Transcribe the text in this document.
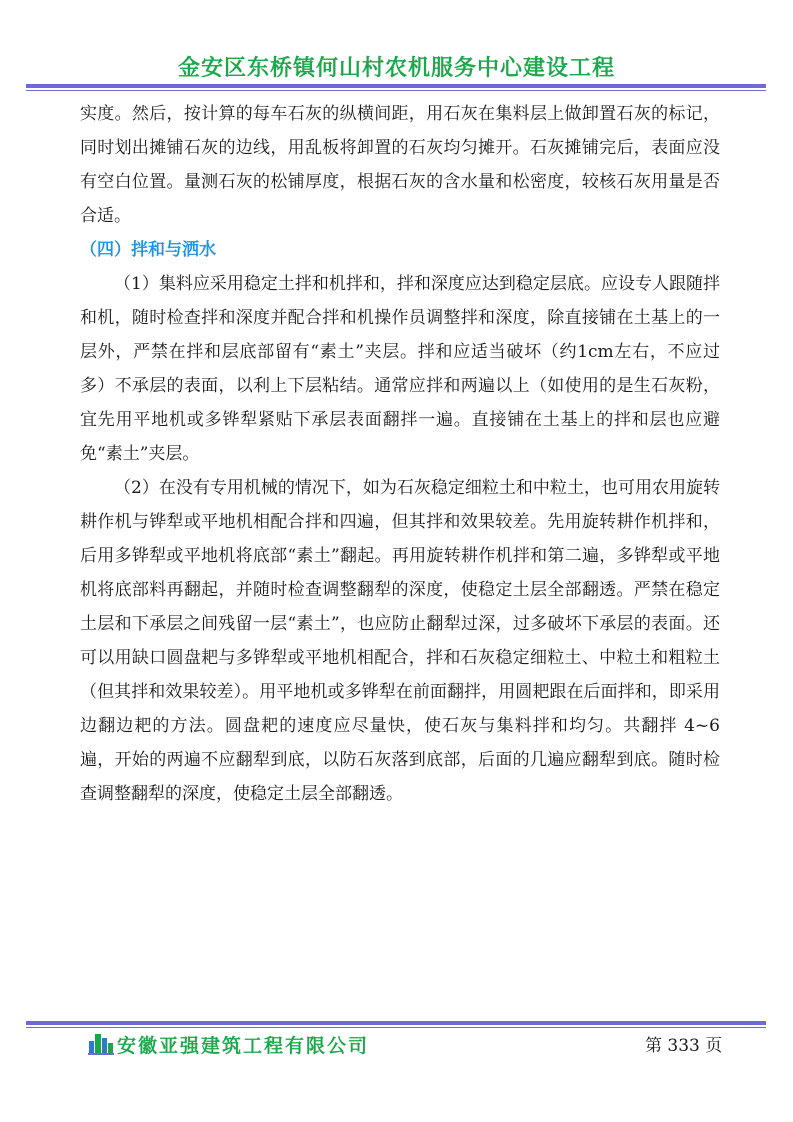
金安区东桥镇何山村农机服务中心建设工程

实度。然后，按计算的每车石灰的纵横间距，用石灰在集料层上做卸置石灰的标记，同时划出摊铺石灰的边线，用乱板将卸置的石灰均匀摊开。石灰摊铺完后，表面应没有空白位置。量测石灰的松铺厚度，根据石灰的含水量和松密度，较核石灰用量是否合适。

（四）拌和与洒水

（1）集料应采用稳定土拌和机拌和，拌和深度应达到稳定层底。应设专人跟随拌和机，随时检查拌和深度并配合拌和机操作员调整拌和深度，除直接铺在土基上的一层外，严禁在拌和层底部留有“素土”夹层。拌和应适当破坏（约1cm左右，不应过多）不承层的表面，以利上下层粘结。通常应拌和两遍以上（如使用的是生石灰粉，宜先用平地机或多铧犁紧贴下承层表面翻拌一遍。直接铺在土基上的拌和层也应避免“素土”夹层。

（2）在没有专用机械的情况下，如为石灰稳定细粒土和中粒土，也可用农用旋转耕作机与铧犁或平地机相配合拌和四遍，但其拌和效果较差。先用旋转耕作机拌和，后用多铧犁或平地机将底部“素土”翻起。再用旋转耕作机拌和第二遍，多铧犁或平地机将底部料再翻起，并随时检查调整翻犁的深度，使稳定土层全部翻透。严禁在稳定土层和下承层之间残留一层“素土”，也应防止翻犁过深，过多破坏下承层的表面。还可以用缺口圆盘耙与多铧犁或平地机相配合，拌和石灰稳定细粒土、中粒土和粗粒土（但其拌和效果较差）。用平地机或多铧犁在前面翻拌，用圆耙跟在后面拌和，即采用边翻边耙的方法。圆盘耙的速度应尽量快，使石灰与集料拌和均匀。共翻拌 4~6 遍，开始的两遍不应翻犁到底，以防石灰落到底部，后面的几遍应翻犁到底。随时检查调整翻犁的深度，使稳定土层全部翻透。

安徽亚强建筑工程有限公司	第 333 页
